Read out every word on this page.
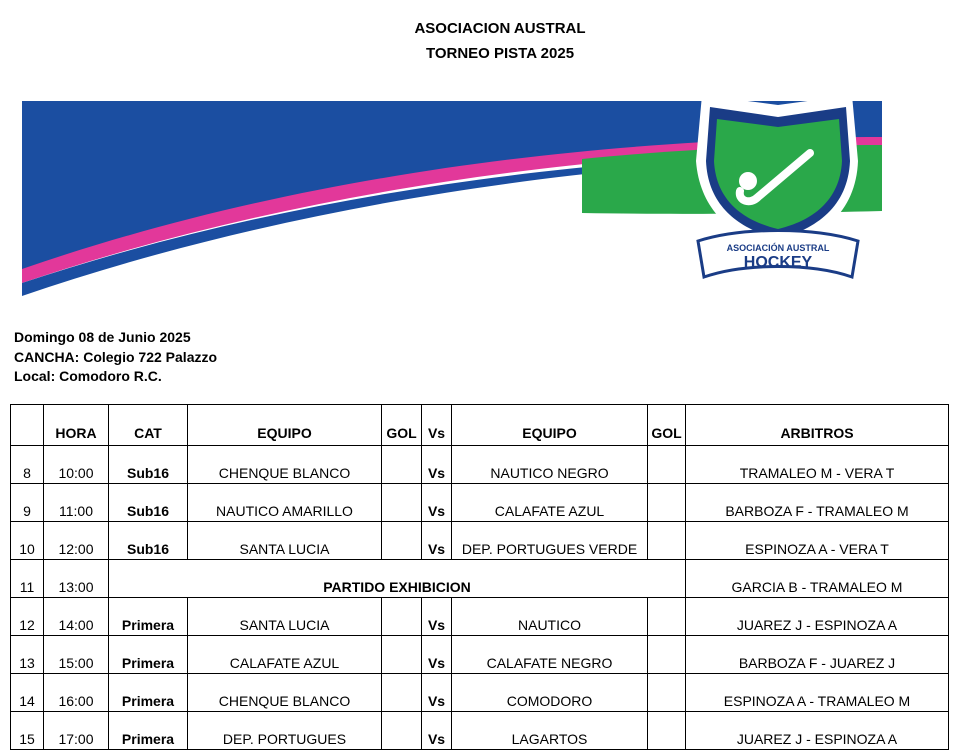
ASOCIACION AUSTRAL
TORNEO PISTA 2025
ASOCIACIÓN AUSTRAL
HOCKEY
Domingo 08 de Junio 2025
CANCHA: Colegio 722 Palazzo
Local: Comodoro R.C.
	HORA	CAT	EQUIPO	GOL	Vs	EQUIPO	GOL	ARBITROS
8	10:00	Sub16	CHENQUE BLANCO		Vs	NAUTICO NEGRO		TRAMALEO M - VERA T
9	11:00	Sub16	NAUTICO AMARILLO		Vs	CALAFATE AZUL		BARBOZA F - TRAMALEO M
10	12:00	Sub16	SANTA LUCIA		Vs	DEP. PORTUGUES VERDE		ESPINOZA A - VERA T
11	13:00	PARTIDO EXHIBICION						GARCIA B - TRAMALEO M
12	14:00	Primera	SANTA LUCIA		Vs	NAUTICO		JUAREZ J - ESPINOZA A
13	15:00	Primera	CALAFATE AZUL		Vs	CALAFATE NEGRO		BARBOZA F - JUAREZ J
14	16:00	Primera	CHENQUE BLANCO		Vs	COMODORO		ESPINOZA A - TRAMALEO M
15	17:00	Primera	DEP. PORTUGUES		Vs	LAGARTOS		JUAREZ J - ESPINOZA A
